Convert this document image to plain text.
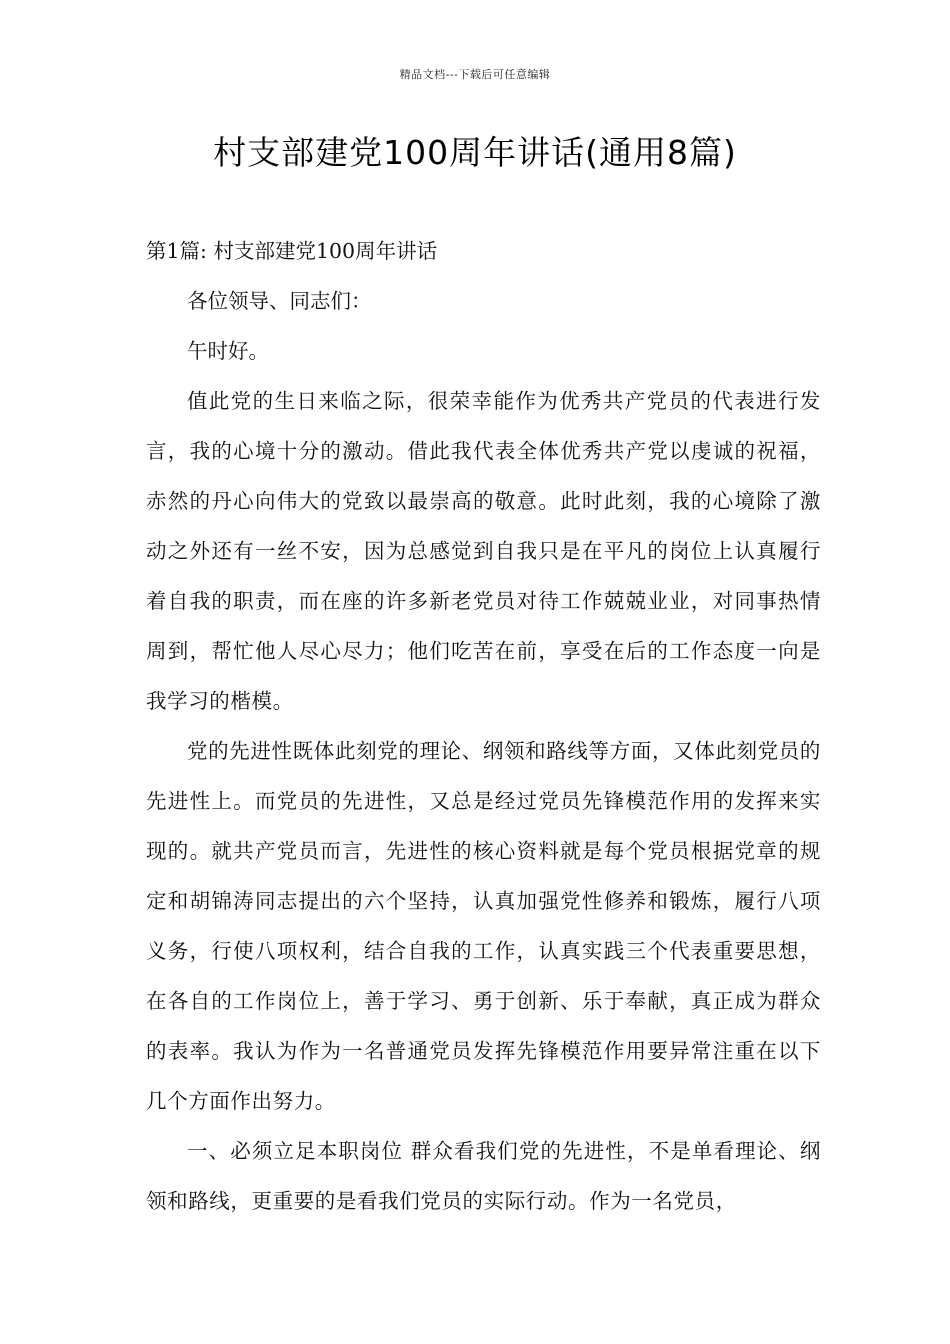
精品文档---下载后可任意编辑
村支部建党100周年讲话(通用8篇)

第1篇: 村支部建党100周年讲话

各位领导、同志们：

午时好。

值此党的生日来临之际，很荣幸能作为优秀共产党员的代表进行发言，我的心境十分的激动。借此我代表全体优秀共产党以虔诚的祝福，赤然的丹心向伟大的党致以最崇高的敬意。此时此刻，我的心境除了激动之外还有一丝不安，因为总感觉到自我只是在平凡的岗位上认真履行着自我的职责，而在座的许多新老党员对待工作兢兢业业，对同事热情周到，帮忙他人尽心尽力；他们吃苦在前，享受在后的工作态度一向是我学习的楷模。

党的先进性既体此刻党的理论、纲领和路线等方面，又体此刻党员的先进性上。而党员的先进性，又总是经过党员先锋模范作用的发挥来实现的。就共产党员而言，先进性的核心资料就是每个党员根据党章的规定和胡锦涛同志提出的六个坚持，认真加强党性修养和锻炼，履行八项义务，行使八项权利，结合自我的工作，认真实践三个代表重要思想，在各自的工作岗位上，善于学习、勇于创新、乐于奉献，真正成为群众的表率。我认为作为一名普通党员发挥先锋模范作用要异常注重在以下几个方面作出努力。

一、必须立足本职岗位 群众看我们党的先进性，不是单看理论、纲领和路线，更重要的是看我们党员的实际行动。作为一名党员，
